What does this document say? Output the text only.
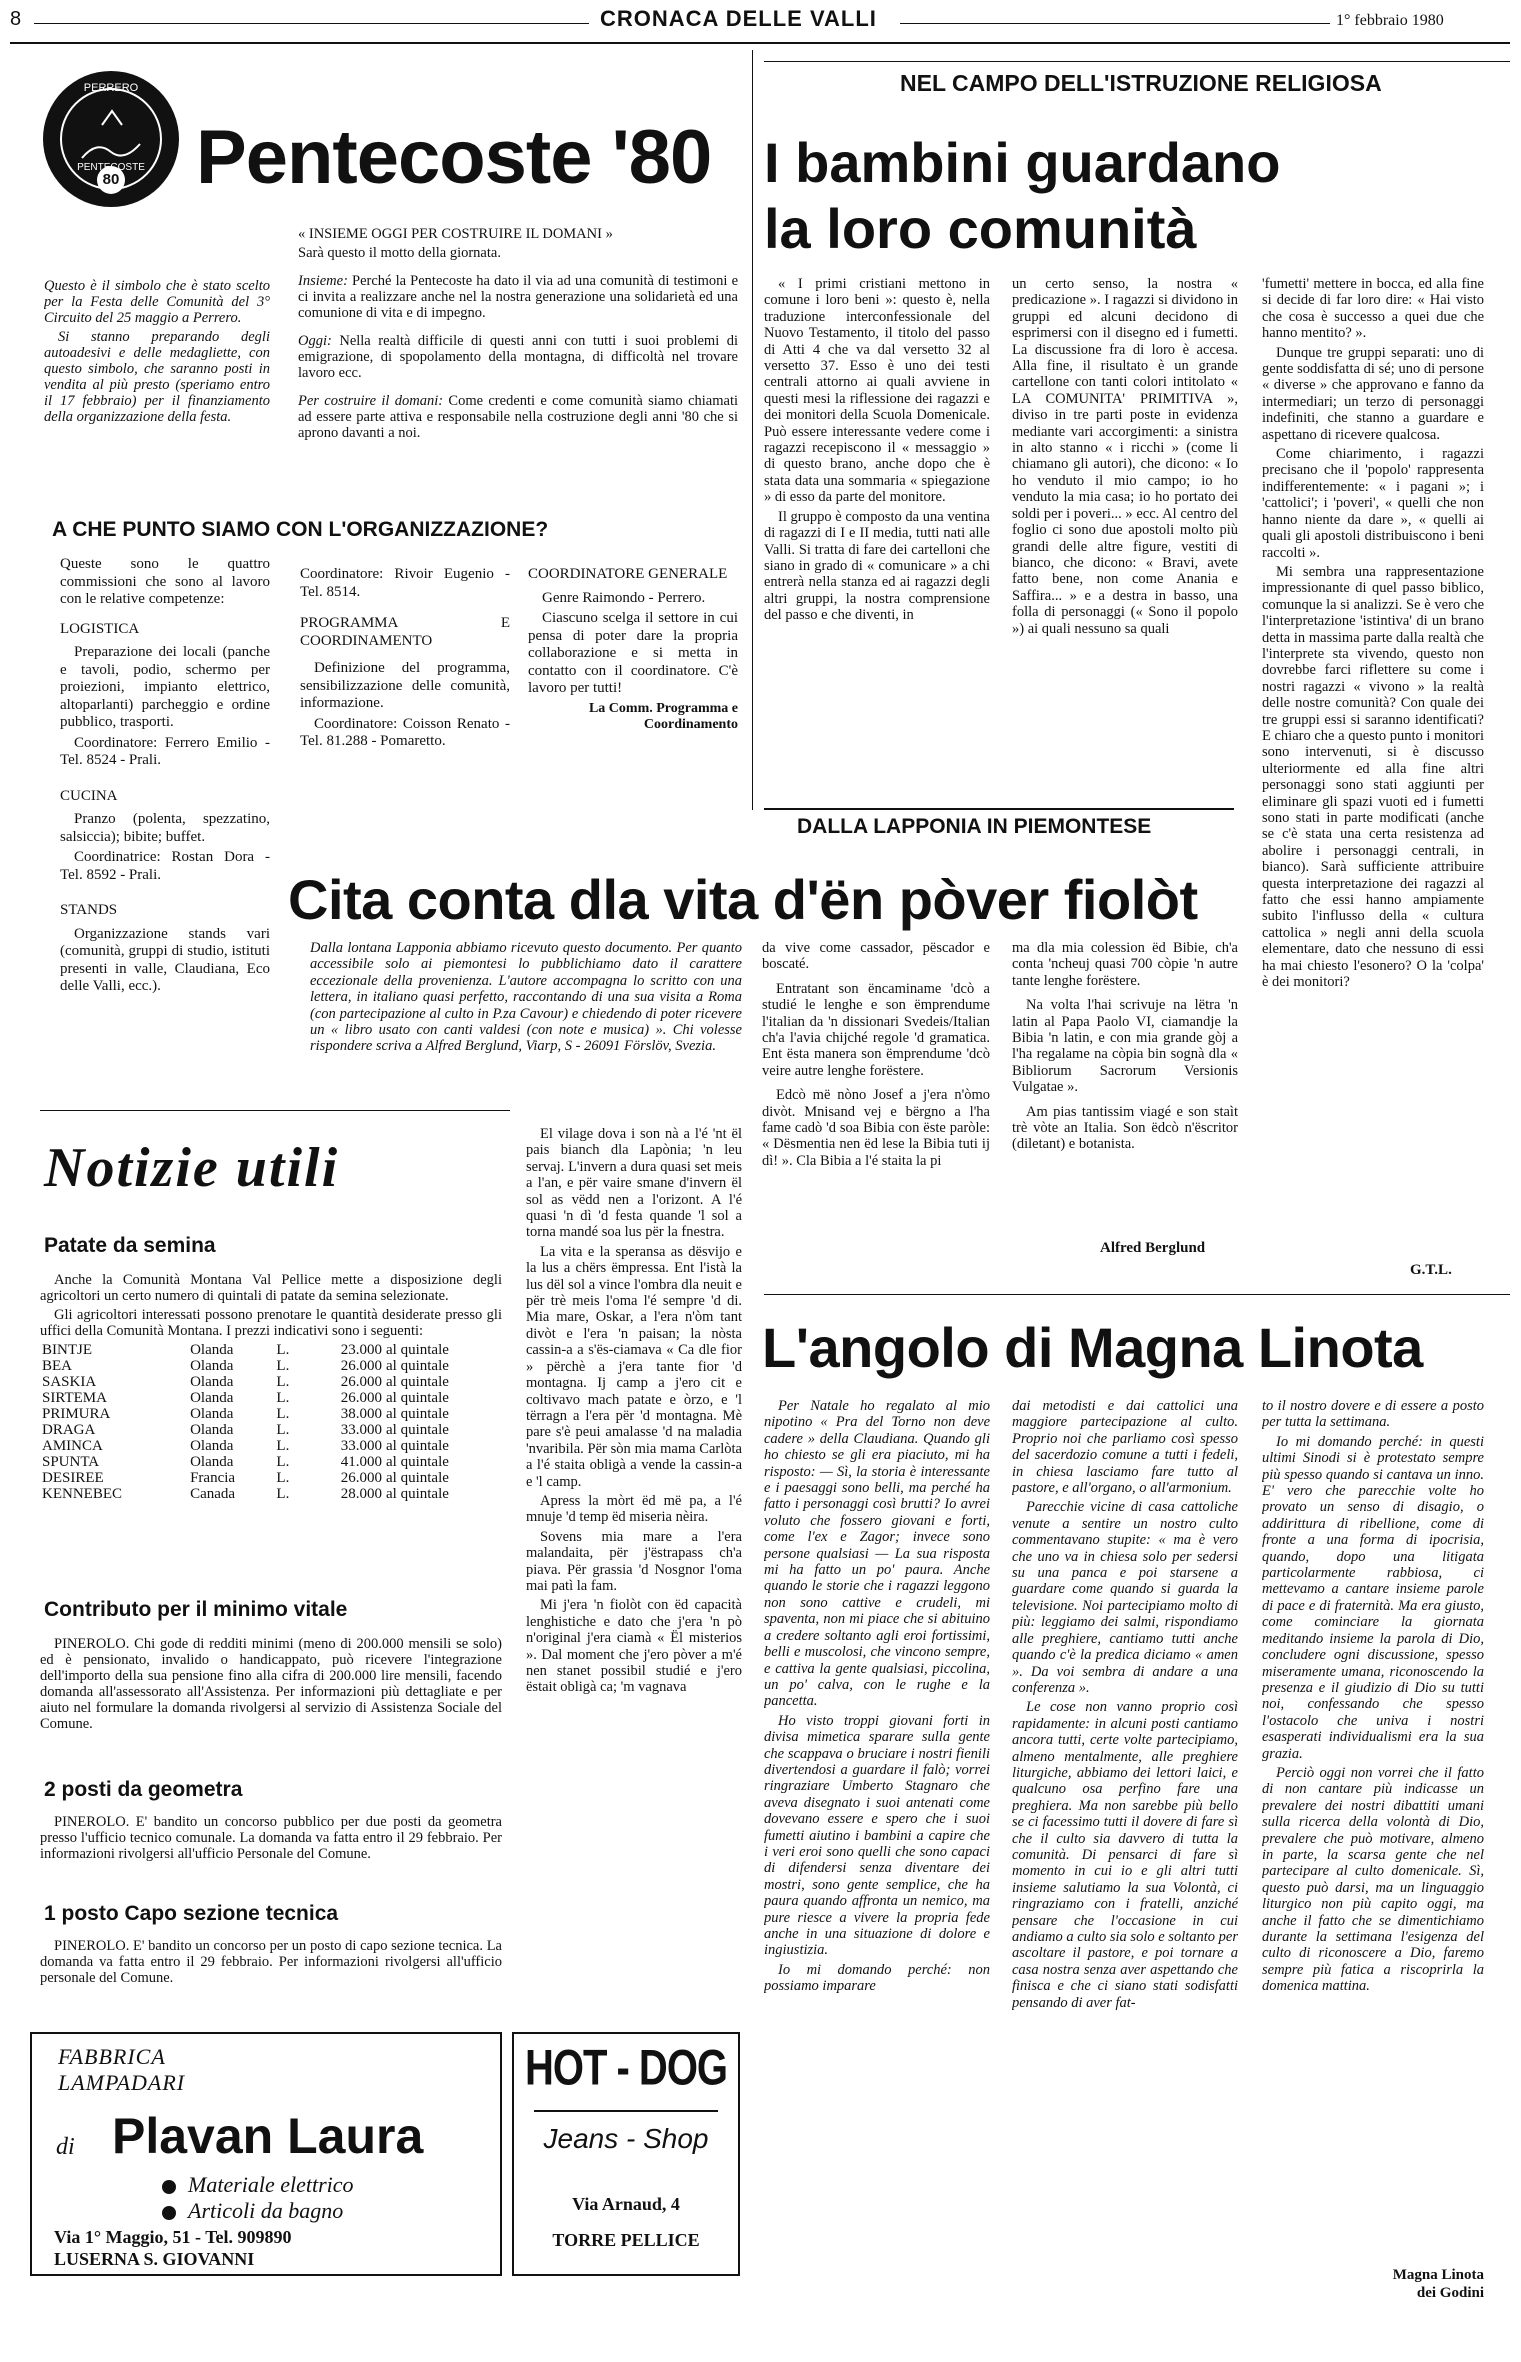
8	CRONACA DELLE VALLI	1° febbraio 1980
PERRERO
PENTECOSTE
80	Pentecoste '80

Questo è il simbolo che è stato scelto per la Festa delle Comunità del 3° Circuito del 25 maggio a Perrero.

Si stanno preparando degli autoadesivi e delle medagliette, con questo simbolo, che saranno posti in vendita al più presto (speriamo entro il 17 febbraio) per il finanziamento della organizzazione della festa.

« INSIEME OGGI PER COSTRUIRE IL DOMANI »

Sarà questo il motto della giornata.

Insieme: Perché la Pentecoste ha dato il via ad una comunità di testimoni e ci invita a realizzare anche nel la nostra generazione una solidarietà ed una comunione di vita e di impegno.

Oggi: Nella realtà difficile di questi anni con tutti i suoi problemi di emigrazione, di spopolamento della montagna, di difficoltà nel trovare lavoro ecc.

Per costruire il domani: Come credenti e come comunità siamo chiamati ad essere parte attiva e responsabile nella costruzione degli anni '80 che si aprono davanti a noi.

A CHE PUNTO SIAMO CON L'ORGANIZZAZIONE?

Queste sono le quattro commissioni che sono al lavoro con le relative competenze:

LOGISTICA

Preparazione dei locali (panche e tavoli, podio, schermo per proiezioni, impianto elettrico, altoparlanti) parcheggio e ordine pubblico, trasporti.

Coordinatore: Ferrero Emilio - Tel. 8524 - Prali.

CUCINA

Pranzo (polenta, spezzatino, salsiccia); bibite; buffet.

Coordinatrice: Rostan Dora - Tel. 8592 - Prali.

STANDS

Organizzazione stands vari (comunità, gruppi di studio, istituti presenti in valle, Claudiana, Eco delle Valli, ecc.).

Coordinatore: Rivoir Eugenio - Tel. 8514.

PROGRAMMA E COORDINAMENTO

Definizione del programma, sensibilizzazione delle comunità, informazione.

Coordinatore: Coisson Renato - Tel. 81.288 - Pomaretto.

COORDINATORE GENERALE

Genre Raimondo - Perrero.

Ciascuno scelga il settore in cui pensa di poter dare la propria collaborazione e si metta in contatto con il coordinatore. C'è lavoro per tutti!

La Comm. Programma e Coordinamento

NEL CAMPO DELL'ISTRUZIONE RELIGIOSA
I bambini guardano
la loro comunità

« I primi cristiani mettono in comune i loro beni »: questo è, nella traduzione interconfessionale del Nuovo Testamento, il titolo del passo di Atti 4 che va dal versetto 32 al versetto 37. Esso è uno dei testi centrali attorno ai quali avviene in questi mesi la riflessione dei ragazzi e dei monitori della Scuola Domenicale. Può essere interessante vedere come i ragazzi recepiscono il « messaggio » di questo brano, anche dopo che è stata data una sommaria « spiegazione » di esso da parte del monitore.

Il gruppo è composto da una ventina di ragazzi di I e II media, tutti nati alle Valli. Si tratta di fare dei cartelloni che siano in grado di « comunicare » a chi entrerà nella stanza ed ai ragazzi degli altri gruppi, la nostra comprensione del passo e che diventi, in

un certo senso, la nostra « predicazione ». I ragazzi si dividono in gruppi ed alcuni decidono di esprimersi con il disegno ed i fumetti. La discussione fra di loro è accesa. Alla fine, il risultato è un grande cartellone con tanti colori intitolato « LA COMUNITA' PRIMITIVA », diviso in tre parti poste in evidenza mediante vari accorgimenti: a sinistra in alto stanno « i ricchi » (come li chiamano gli autori), che dicono: « Io ho venduto il mio campo; io ho venduto la mia casa; io ho portato dei soldi per i poveri... » ecc. Al centro del foglio ci sono due apostoli molto più grandi delle altre figure, vestiti di bianco, che dicono: « Bravi, avete fatto bene, non come Anania e Saffira... » e a destra in basso, una folla di personaggi (« Sono il popolo ») ai quali nessuno sa quali

'fumetti' mettere in bocca, ed alla fine si decide di far loro dire: « Hai visto che cosa è successo a quei due che hanno mentito? ».

Dunque tre gruppi separati: uno di gente soddisfatta di sé; uno di persone « diverse » che approvano e fanno da intermediari; un terzo di personaggi indefiniti, che stanno a guardare e aspettano di ricevere qualcosa.

Come chiarimento, i ragazzi precisano che il 'popolo' rappresenta indifferentemente: « i pagani »; i 'cattolici'; i 'poveri', « quelli che non hanno niente da dare », « quelli ai quali gli apostoli distribuiscono i beni raccolti ».

Mi sembra una rappresentazione impressionante di quel passo biblico, comunque la si analizzi. Se è vero che l'interpretazione 'istintiva' di un brano detta in massima parte dalla realtà che l'interprete sta vivendo, questo non dovrebbe farci riflettere su come i nostri ragazzi « vivono » la realtà delle nostre comunità? Con quale dei tre gruppi essi si saranno identificati? E chiaro che a questo punto i monitori sono intervenuti, si è discusso ulteriormente ed alla fine altri personaggi sono stati aggiunti per eliminare gli spazi vuoti ed i fumetti sono stati in parte modificati (anche se c'è stata una certa resistenza ad abolire i personaggi centrali, in bianco). Sarà sufficiente attribuire questa interpretazione dei ragazzi al fatto che essi hanno ampiamente subito l'influsso della « cultura cattolica » negli anni della scuola elementare, dato che nessuno di essi ha mai chiesto l'esonero? O la 'colpa' è dei monitori?

G.T.L.
DALLA LAPPONIA IN PIEMONTESE
Cita conta dla vita d'ën pòver fiolòt

Dalla lontana Lapponia abbiamo ricevuto questo documento. Per quanto accessibile solo ai piemontesi lo pubblichiamo dato il carattere eccezionale della provenienza. L'autore accompagna lo scritto con una lettera, in italiano quasi perfetto, raccontando di una sua visita a Roma (con partecipazione al culto in P.za Cavour) e chiedendo di poter ricevere un « libro usato con canti valdesi (con note e musica) ». Chi volesse rispondere scriva a Alfred Berglund, Viarp, S - 26091 Förslöv, Svezia.

da vive come cassador, pëscador e boscaté.

Entratant son ëncaminame 'dcò a studié le lenghe e son ëmprendume l'italian da 'n dissionari Svedeis/Italian ch'a l'avia chijché regole 'd gramatica. Ent ësta manera son ëmprendume 'dcò veire autre lenghe forëstere.

Edcò më nòno Josef a j'era n'òmo divòt. Mnisand vej e bërgno a l'ha fame cadò 'd soa Bibia con ëste paròle: « Dësmentia nen ëd lese la Bibia tuti ij dì! ». Cla Bibia a l'é staita la pi

ma dla mia colession ëd Bibie, ch'a conta 'ncheuj quasi 700 còpie 'n autre tante lenghe forëstere.

Na volta l'hai scrivuje na lëtra 'n latin al Papa Paolo VI, ciamandje la Bibia 'n latin, e con mia grande gòj a l'ha regalame na còpia bin sognà dla « Bibliorum Sacrorum Versionis Vulgatae ».

Am pias tantissim viagé e son staìt trè vòte an Italia. Son ëdcò n'ëscritor (diletant) e botanista.

Alfred Berglund

El vilage dova i son nà a l'é 'nt ël pais bianch dla Lapònia; 'n leu servaj. L'invern a dura quasi set meis a l'an, e për vaire smane d'invern ël sol as vëdd nen a l'orizont. A l'é quasi 'n dì 'd festa quande 'l sol a torna mandé soa lus për la fnestra.

La vita e la speransa as dësvijo e la lus a chërs ëmpressa. Ent l'istà la lus dël sol a vince l'ombra dla neuit e për trè meis l'oma l'é sempre 'd di. Mia mare, Oskar, a l'era n'òm tant divòt e l'era 'n paisan; la nòsta cassin-a a s'ës-ciamava « Ca dle fior » përchè a j'era tante fior 'd montagna. Ij camp a j'ero cit e coltivavo mach patate e òrzo, e 'l tërragn a l'era për 'd montagna. Mè pare s'è peui amalasse 'd na maladia 'nvaribila. Për sòn mia mama Carlòta a l'é staita obligà a vende la cassin-a e 'l camp.

Apress la mòrt ëd më pa, a l'é mnuje 'd temp ëd miseria nèira.

Sovens mia mare a l'era malandaita, për j'ëstrapass ch'a piava. Për grassia 'd Nosgnor l'oma mai patì la fam.

Mi j'era 'n fiolòt con ëd capacità lenghistiche e dato che j'era 'n pò n'original j'era ciamà « Ël misterios ». Dal moment che j'ero pòver a m'é nen stanet possibil studié e j'ero ëstait obligà ca; 'm vagnava

Notizie utili
Patate da semina

Anche la Comunità Montana Val Pellice mette a disposizione degli agricoltori un certo numero di quintali di patate da semina selezionate.

Gli agricoltori interessati possono prenotare le quantità desiderate presso gli uffici della Comunità Montana. I prezzi indicativi sono i seguenti:

BINTJE	Olanda	L.	23.000	al quintale
BEA	Olanda	L.	26.000	al quintale
SASKIA	Olanda	L.	26.000	al quintale
SIRTEMA	Olanda	L.	26.000	al quintale
PRIMURA	Olanda	L.	38.000	al quintale
DRAGA	Olanda	L.	33.000	al quintale
AMINCA	Olanda	L.	33.000	al quintale
SPUNTA	Olanda	L.	41.000	al quintale
DESIREE	Francia	L.	26.000	al quintale
KENNEBEC	Canada	L.	28.000	al quintale
Contributo per il minimo vitale

PINEROLO. Chi gode di redditi minimi (meno di 200.000 mensili se solo) ed è pensionato, invalido o handicappato, può ricevere l'integrazione dell'importo della sua pensione fino alla cifra di 200.000 lire mensili, facendo domanda all'assessorato all'Assistenza. Per informazioni più dettagliate e per aiuto nel formulare la domanda rivolgersi al servizio di Assistenza Sociale del Comune.

2 posti da geometra

PINEROLO. E' bandito un concorso pubblico per due posti da geometra presso l'ufficio tecnico comunale. La domanda va fatta entro il 29 febbraio. Per informazioni rivolgersi all'ufficio Personale del Comune.

1 posto Capo sezione tecnica

PINEROLO. E' bandito un concorso per un posto di capo sezione tecnica. La domanda va fatta entro il 29 febbraio. Per informazioni rivolgersi all'ufficio personale del Comune.

L'angolo di Magna Linota

Per Natale ho regalato al mio nipotino « Pra del Torno non deve cadere » della Claudiana. Quando gli ho chiesto se gli era piaciuto, mi ha risposto: — Sì, la storia è interessante e i paesaggi sono belli, ma perché ha fatto i personaggi così brutti? Io avrei voluto che fossero giovani e forti, come l'ex e Zagor; invece sono persone qualsiasi — La sua risposta mi ha fatto un po' paura. Anche quando le storie che i ragazzi leggono non sono cattive e crudeli, mi spaventa, non mi piace che si abituino a credere soltanto agli eroi fortissimi, belli e muscolosi, che vincono sempre, e cattiva la gente qualsiasi, piccolina, un po' calva, con le rughe e la pancetta.

Ho visto troppi giovani forti in divisa mimetica sparare sulla gente che scappava o bruciare i nostri fienili divertendosi a guardare il falò; vorrei ringraziare Umberto Stagnaro che aveva disegnato i suoi antenati come dovevano essere e spero che i suoi fumetti aiutino i bambini a capire che i veri eroi sono quelli che sono capaci di difendersi senza diventare dei mostri, sono gente semplice, che ha paura quando affronta un nemico, ma pure riesce a vivere la propria fede anche in una situazione di dolore e ingiustizia.

Io mi domando perché: non possiamo imparare

dai metodisti e dai cattolici una maggiore partecipazione al culto. Proprio noi che parliamo così spesso del sacerdozio comune a tutti i fedeli, in chiesa lasciamo fare tutto al pastore, e all'organo, o all'armonium.

Parecchie vicine di casa cattoliche venute a sentire un nostro culto commentavano stupite: « ma è vero che uno va in chiesa solo per sedersi su una panca e poi starsene a guardare come quando si guarda la televisione. Noi partecipiamo molto di più: leggiamo dei salmi, rispondiamo alle preghiere, cantiamo tutti anche quando c'è la predica diciamo « amen ». Da voi sembra di andare a una conferenza ».

Le cose non vanno proprio così rapidamente: in alcuni posti cantiamo ancora tutti, certe volte partecipiamo, almeno mentalmente, alle preghiere liturgiche, abbiamo dei lettori laici, e qualcuno osa perfino fare una preghiera. Ma non sarebbe più bello se ci facessimo tutti il dovere di fare sì che il culto sia davvero di tutta la comunità. Di pensarci di fare sì momento in cui io e gli altri tutti insieme salutiamo la sua Volontà, ci ringraziamo con i fratelli, anziché pensare che l'occasione in cui andiamo a culto sia solo e soltanto per ascoltare il pastore, e poi tornare a casa nostra senza aver aspettando che finisca e che ci siano stati sodisfatti pensando di aver fat-

to il nostro dovere e di essere a posto per tutta la settimana.

Io mi domando perché: in questi ultimi Sinodi si è protestato sempre più spesso quando si cantava un inno. E' vero che parecchie volte ho provato un senso di disagio, o addirittura di ribellione, come di fronte a una forma di ipocrisia, quando, dopo una litigata particolarmente rabbiosa, ci mettevamo a cantare insieme parole di pace e di fraternità. Ma era giusto, come cominciare la giornata meditando insieme la parola di Dio, concludere ogni discussione, spesso miseramente umana, riconoscendo la presenza e il giudizio di Dio su tutti noi, confessando che spesso l'ostacolo che univa i nostri esasperati individualismi era la sua grazia.

Perciò oggi non vorrei che il fatto di non cantare più indicasse un prevalere dei nostri dibattiti umani sulla ricerca della volontà di Dio, prevalere che può motivare, almeno in parte, la scarsa gente che nel partecipare al culto domenicale. Sì, questo può darsi, ma un linguaggio liturgico non più capito oggi, ma anche il fatto che se dimentichiamo durante la settimana l'esigenza del culto di riconoscere a Dio, faremo sempre più fatica a riscoprirla la domenica mattina.

Magna Linota
dei Godini
FABBRICA
LAMPADARI
di Plavan Laura
Materiale elettrico
Articoli da bagno
Via 1° Maggio, 51 - Tel. 909890
LUSERNA S. GIOVANNI
HOT - DOG
Jeans - Shop
Via Arnaud, 4
TORRE PELLICE
